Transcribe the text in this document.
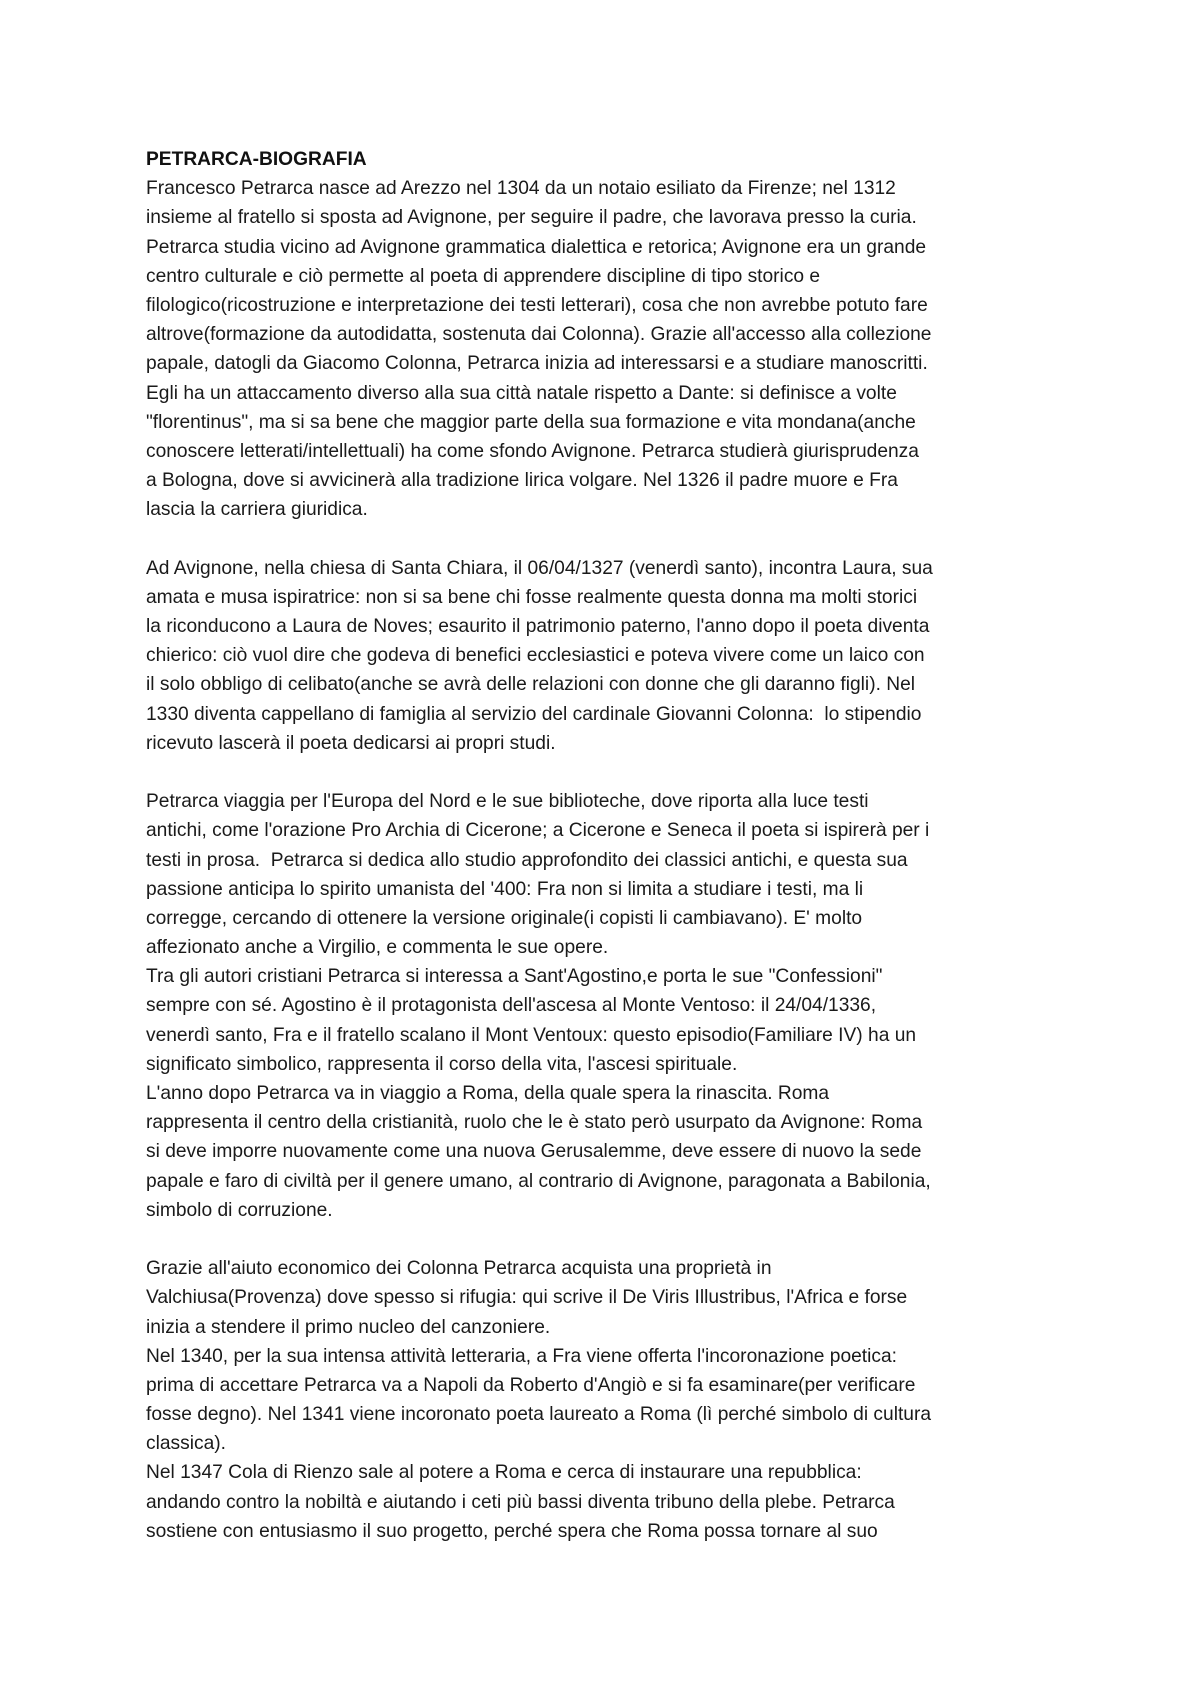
PETRARCA-BIOGRAFIA
Francesco Petrarca nasce ad Arezzo nel 1304 da un notaio esiliato da Firenze; nel 1312
insieme al fratello si sposta ad Avignone, per seguire il padre, che lavorava presso la curia.
Petrarca studia vicino ad Avignone grammatica dialettica e retorica; Avignone era un grande
centro culturale e ciò permette al poeta di apprendere discipline di tipo storico e
filologico(ricostruzione e interpretazione dei testi letterari), cosa che non avrebbe potuto fare
altrove(formazione da autodidatta, sostenuta dai Colonna). Grazie all'accesso alla collezione
papale, datogli da Giacomo Colonna, Petrarca inizia ad interessarsi e a studiare manoscritti.
Egli ha un attaccamento diverso alla sua città natale rispetto a Dante: si definisce a volte
"florentinus", ma si sa bene che maggior parte della sua formazione e vita mondana(anche
conoscere letterati/intellettuali) ha come sfondo Avignone. Petrarca studierà giurisprudenza
a Bologna, dove si avvicinerà alla tradizione lirica volgare. Nel 1326 il padre muore e Fra
lascia la carriera giuridica.
Ad Avignone, nella chiesa di Santa Chiara, il 06/04/1327 (venerdì santo), incontra Laura, sua
amata e musa ispiratrice: non si sa bene chi fosse realmente questa donna ma molti storici
la riconducono a Laura de Noves; esaurito il patrimonio paterno, l'anno dopo il poeta diventa
chierico: ciò vuol dire che godeva di benefici ecclesiastici e poteva vivere come un laico con
il solo obbligo di celibato(anche se avrà delle relazioni con donne che gli daranno figli). Nel
1330 diventa cappellano di famiglia al servizio del cardinale Giovanni Colonna:  lo stipendio
ricevuto lascerà il poeta dedicarsi ai propri studi.
Petrarca viaggia per l'Europa del Nord e le sue biblioteche, dove riporta alla luce testi
antichi, come l'orazione Pro Archia di Cicerone; a Cicerone e Seneca il poeta si ispirerà per i
testi in prosa.  Petrarca si dedica allo studio approfondito dei classici antichi, e questa sua
passione anticipa lo spirito umanista del '400: Fra non si limita a studiare i testi, ma li
corregge, cercando di ottenere la versione originale(i copisti li cambiavano). E' molto
affezionato anche a Virgilio, e commenta le sue opere.
Tra gli autori cristiani Petrarca si interessa a Sant'Agostino,e porta le sue "Confessioni"
sempre con sé. Agostino è il protagonista dell'ascesa al Monte Ventoso: il 24/04/1336,
venerdì santo, Fra e il fratello scalano il Mont Ventoux: questo episodio(Familiare IV) ha un
significato simbolico, rappresenta il corso della vita, l'ascesi spirituale.
L'anno dopo Petrarca va in viaggio a Roma, della quale spera la rinascita. Roma
rappresenta il centro della cristianità, ruolo che le è stato però usurpato da Avignone: Roma
si deve imporre nuovamente come una nuova Gerusalemme, deve essere di nuovo la sede
papale e faro di civiltà per il genere umano, al contrario di Avignone, paragonata a Babilonia,
simbolo di corruzione.
Grazie all'aiuto economico dei Colonna Petrarca acquista una proprietà in
Valchiusa(Provenza) dove spesso si rifugia: qui scrive il De Viris Illustribus, l'Africa e forse
inizia a stendere il primo nucleo del canzoniere.
Nel 1340, per la sua intensa attività letteraria, a Fra viene offerta l'incoronazione poetica:
prima di accettare Petrarca va a Napoli da Roberto d'Angiò e si fa esaminare(per verificare
fosse degno). Nel 1341 viene incoronato poeta laureato a Roma (lì perché simbolo di cultura
classica).
Nel 1347 Cola di Rienzo sale al potere a Roma e cerca di instaurare una repubblica:
andando contro la nobiltà e aiutando i ceti più bassi diventa tribuno della plebe. Petrarca
sostiene con entusiasmo il suo progetto, perché spera che Roma possa tornare al suo
